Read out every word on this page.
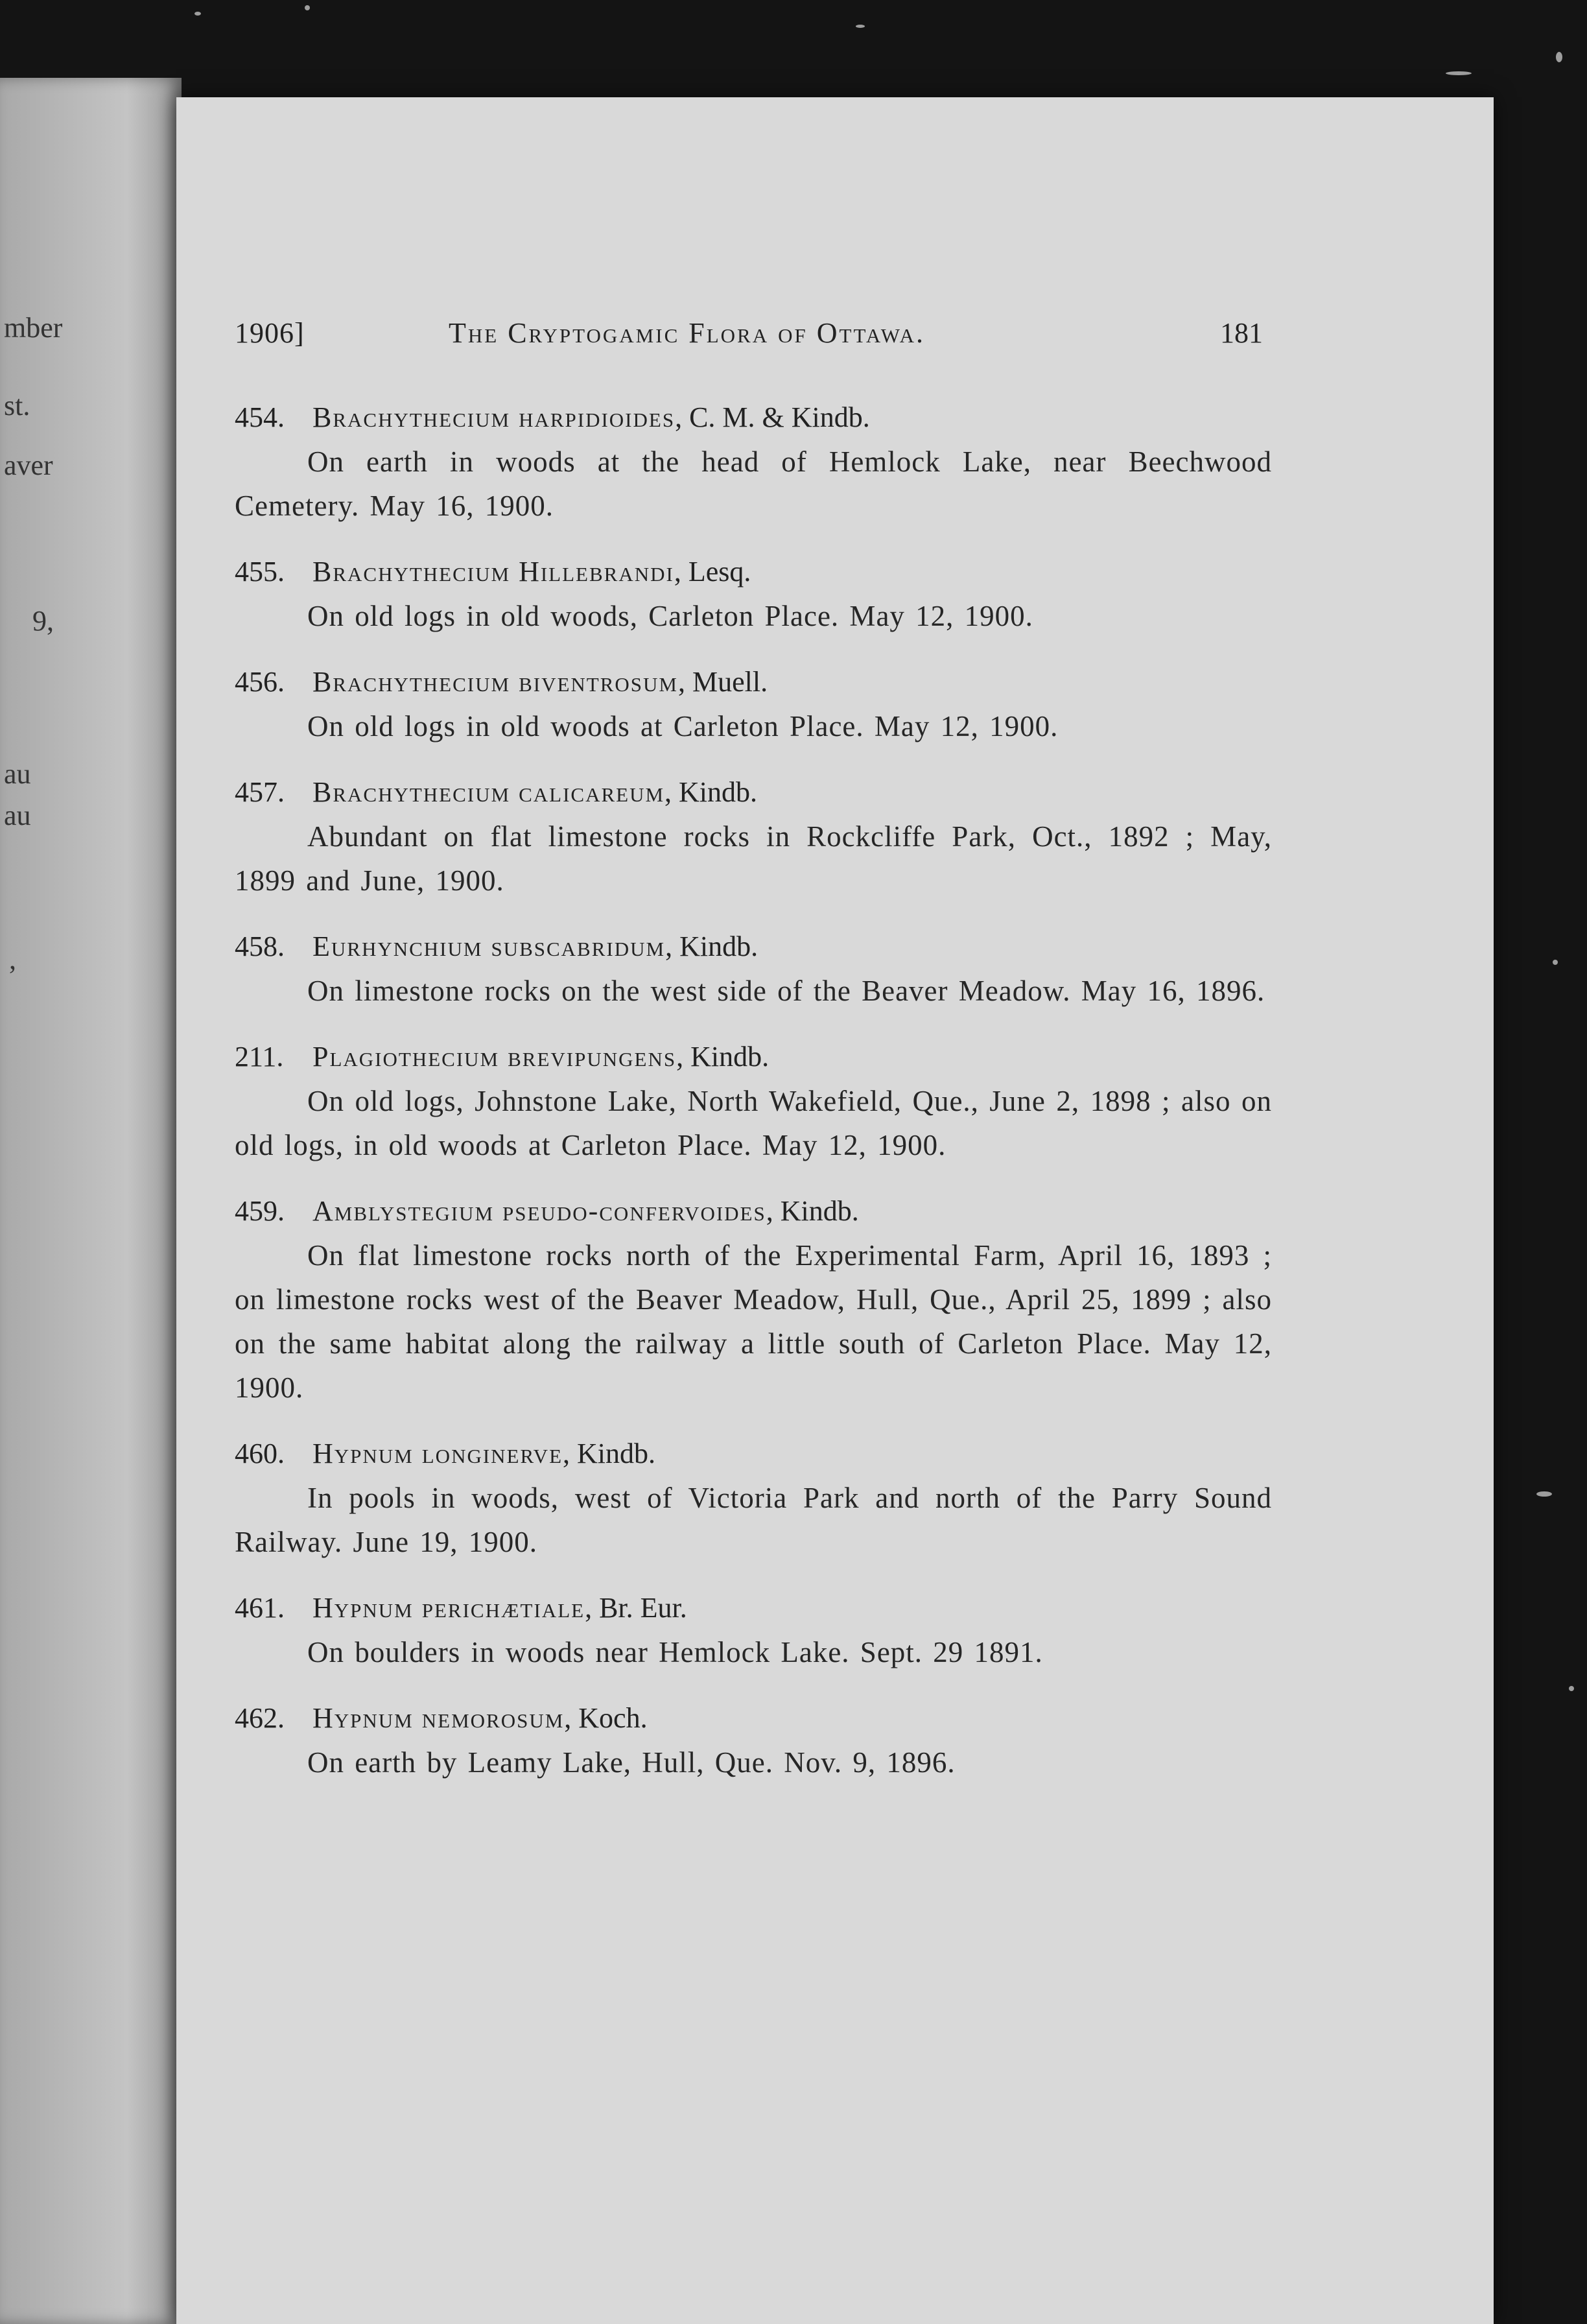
mber
st.
aver
9,
au
au
,
1906]	The Cryptogamic Flora of Ottawa.	181
454. Brachythecium harpidioides, C. M. & Kindb.
On earth in woods at the head of Hemlock Lake, near Beechwood Cemetery. May 16, 1900.
455. Brachythecium Hillebrandi, Lesq.
On old logs in old woods, Carleton Place. May 12, 1900.
456. Brachythecium biventrosum, Muell.
On old logs in old woods at Carleton Place. May 12, 1900.
457. Brachythecium calicareum, Kindb.
Abundant on flat limestone rocks in Rockcliffe Park, Oct., 1892 ; May, 1899 and June, 1900.
458. Eurhynchium subscabridum, Kindb.
On limestone rocks on the west side of the Beaver Meadow. May 16, 1896.
211. Plagiothecium brevipungens, Kindb.
On old logs, Johnstone Lake, North Wakefield, Que., June 2, 1898 ; also on old logs, in old woods at Carleton Place. May 12, 1900.
459. Amblystegium pseudo-confervoides, Kindb.
On flat limestone rocks north of the Experimental Farm, April 16, 1893 ; on limestone rocks west of the Beaver Meadow, Hull, Que., April 25, 1899 ; also on the same habitat along the railway a little south of Carleton Place. May 12, 1900.
460. Hypnum longinerve, Kindb.
In pools in woods, west of Victoria Park and north of the Parry Sound Railway. June 19, 1900.
461. Hypnum perichætiale, Br. Eur.
On boulders in woods near Hemlock Lake. Sept. 29 1891.
462. Hypnum nemorosum, Koch.
On earth by Leamy Lake, Hull, Que. Nov. 9, 1896.
